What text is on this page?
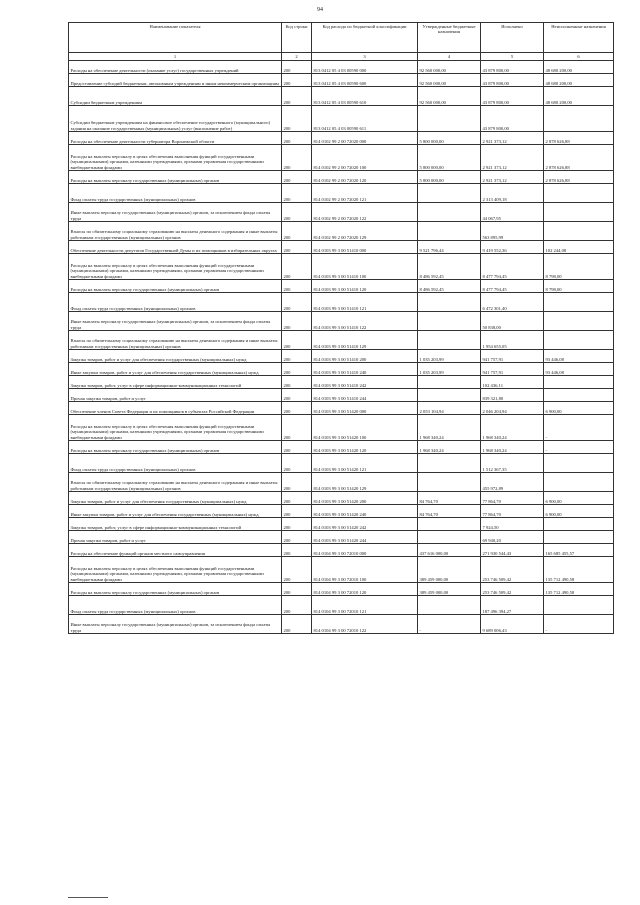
94
Наименование показателя	Код строки	Код расхода по бюджетной классификации	Утвержденные бюджетные назначения	Исполнено	Неисполненные назначения
1	2	3	4	5	6
Расходы на обеспечение деятельности (оказание услуг) государственных учреждений	200	813 0412 05 4 03 00590 000	92 560 000,00	43 879 800,00	48 680 200,00
Предоставление субсидий бюджетным, автономным учреждениям и иным некоммерческим организациям	200	813 0412 05 4 03 00590 600	92 560 000,00	43 879 800,00	48 680 200,00
Субсидии бюджетным учреждениям	200	813 0412 05 4 03 00590 610	92 560 000,00	43 879 800,00	48 680 200,00
Субсидии бюджетным учреждениям на финансовое обеспечение государственного (муниципального) задания на оказание государственных (муниципальных) услуг (выполнение работ)	200	813 0412 05 4 03 00590 611		43 879 800,00	
Расходы на обеспечение деятельности губернатора Воронежской области	200	814 0102 99 2 00 72020 000	5 800 000,00	2 921 373,12	2 878 626,88
Расходы на выплаты персоналу в целях обеспечения выполнения функций государственными (муниципальными) органами, казенными учреждениями, органами управления государственными внебюджетными фондами	200	814 0102 99 2 00 72020 100	5 800 000,00	2 921 373,12	2 878 626,88
Расходы на выплаты персоналу государственных (муниципальных) органов	200	814 0102 99 2 00 72020 120	5 800 000,00	2 921 373,12	2 878 626,88
Фонд оплаты труда государственных (муниципальных) органов	200	814 0102 99 2 00 72020 121		2 313 409,18	
Иные выплаты персоналу государственных (муниципальных) органов, за исключением фонда оплаты труда	200	814 0102 99 2 00 72020 122		44 067,95	
Взносы по обязательному социальному страхованию на выплаты денежного содержания и иные выплаты работникам государственных (муниципальных) органов	200	814 0102 99 2 00 72020 129		563 895,99	
Обеспечение деятельности депутатов Государственной Думы и их помощников в избирательных округах	200	814 0103 99 3 00 51410 000	9 521 796,44	9 419 552,36	102 244,08
Расходы на выплаты персоналу в целях обеспечения выполнения функций государственными (муниципальными) органами, казенными учреждениями, органами управления государственными внебюджетными фондами	200	814 0103 99 3 00 51410 100	8 486 592,45	8 477 794,45	8 798,00
Расходы на выплаты персоналу государственных (муниципальных) органов	200	814 0103 99 3 00 51410 120	8 486 592,45	8 477 794,45	8 798,00
Фонд оплаты труда государственных (муниципальных) органов	200	814 0103 99 3 00 51410 121		6 472 301,40	
Иные выплаты персоналу государственных (муниципальных) органов, за исключением фонда оплаты труда	200	814 0103 99 3 00 51410 122		50 838,00	
Взносы по обязательному социальному страхованию на выплаты денежного содержания и иные выплаты работникам государственных (муниципальных) органов	200	814 0103 99 3 00 51410 129		1 954 655,05	
Закупка товаров, работ и услуг для обеспечения государственных (муниципальных) нужд	200	814 0103 99 3 00 51410 200	1 035 203,99	941 757,91	93 446,08
Иные закупки товаров, работ и услуг для обеспечения государственных (муниципальных) нужд	200	814 0103 99 3 00 51410 240	1 035 203,99	941 757,91	93 446,08
Закупка товаров, работ, услуг в сфере информационно-коммуникационных технологий	200	814 0103 99 3 00 51410 242		102 436,11	
Прочая закупка товаров, работ и услуг	200	814 0103 99 3 00 51410 244		839 321,80	
Обеспечение членов Совета Федерации и их помощников в субъектах Российской Федерации	200	814 0103 99 3 00 51420 000	2 053 104,94	2 046 204,94	6 900,00
Расходы на выплаты персоналу в целях обеспечения выполнения функций государственными (муниципальными) органами, казенными учреждениями, органами управления государственными внебюджетными фондами	200	814 0103 99 3 00 51420 100	1 968 340,24	1 968 340,24	-
Расходы на выплаты персоналу государственных (муниципальных) органов	200	814 0103 99 3 00 51420 120	1 968 340,24	1 968 340,24	-
Фонд оплаты труда государственных (муниципальных) органов	200	814 0103 99 3 00 51420 121		1 512 367,35	
Взносы по обязательному социальному страхованию на выплаты денежного содержания и иные выплаты работникам государственных (муниципальных) органов	200	814 0103 99 3 00 51420 129		455 972,89	
Закупка товаров, работ и услуг для обеспечения государственных (муниципальных) нужд	200	814 0103 99 3 00 51420 200	84 764,70	77 864,70	6 900,00
Иные закупки товаров, работ и услуг для обеспечения государственных (муниципальных) нужд	200	814 0103 99 3 00 51420 240	84 764,70	77 864,70	6 900,00
Закупка товаров, работ, услуг в сфере информационно-коммуникационных технологий	200	814 0103 99 3 00 51420 242		7 924,50	
Прочая закупка товаров, работ и услуг	200	814 0103 99 3 00 51420 244		69 940,20	
Расходы на обеспечение функций органов местного самоуправления	200	814 0104 99 3 00 72010 000	437 616 000,00	271 930 544,43	165 685 455,57
Расходы на выплаты персоналу в целях обеспечения выполнения функций государственными (муниципальными) органами, казенными учреждениями, органами управления государственными внебюджетными фондами	200	814 0104 99 3 00 72010 100	389 459 000,00	253 746 509,42	135 712 490,58
Расходы на выплаты персоналу государственных (муниципальных) органов	200	814 0104 99 3 00 72010 120	389 459 000,00	253 746 509,42	135 712 490,58
Фонд оплаты труда государственных (муниципальных) органов	200	814 0104 99 3 00 72010 121		187 496 394,27	
Иные выплаты персоналу государственных (муниципальных) органов, за исключением фонда оплаты труда	200	814 0104 99 3 00 72010 122	-	9 689 006,43	-
